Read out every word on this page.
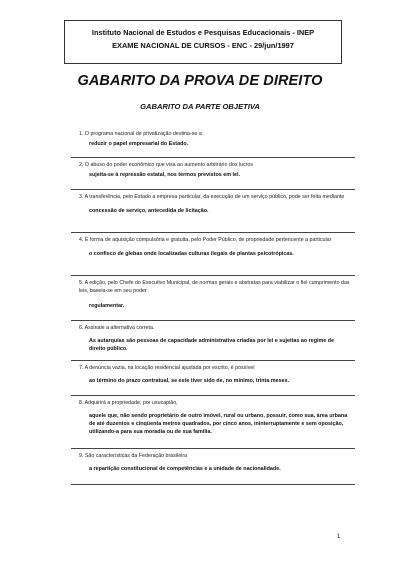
Instituto Nacional de Estudos e Pesquisas Educacionais - INEP
EXAME NACIONAL DE CURSOS - ENC - 29/jun/1997
GABARITO DA PROVA DE DIREITO
GABARITO DA PARTE OBJETIVA
1. O programa nacional de privatização destina-se a
reduzir o papel empresarial do Estado.
2. O abuso do poder econômico que visa ao aumento arbitrário dos lucros
sujeita-se à repressão estatal, nos termos previstos em lei.
3. A transferência, pelo Estado a empresa particular, da execução de um serviço público, pode ser feita mediante
concessão de serviço, antecedida de licitação.
4. É forma de aquisição compulsória e gratuita, pelo Poder Público, de propriedade pertencente a particular
o confisco de glebas onde localizadas culturas ilegais de plantas psicotrópicas.
5. A edição, pelo Chefe do Executivo Municipal, de normas gerais e abstratas para viabilizar o fiel cumprimento das leis, baseia-se em seu poder
regulamentar.
6. Assinale a alternativa correta.
As autarquias são pessoas de capacidade administrativa criadas por lei e sujeitas ao regime de direito público.
7. A denúncia vazia, na locação residencial ajustada por escrito, é possível
ao término do prazo contratual, se este tiver sido de, no mínimo, trinta meses.
8. Adquirirá a propriedade, por usucapião,
aquele que, não sendo proprietário de outro imóvel, rural ou urbano, possuir, como sua, área urbana de até duzentos e cinqüenta metros quadrados, por cinco anos, ininterruptamente e sem oposição, utilizando-a para sua moradia ou de sua família.
9. São características da Federação brasileira
a repartição constitucional de competências e a unidade de nacionalidade.
1
